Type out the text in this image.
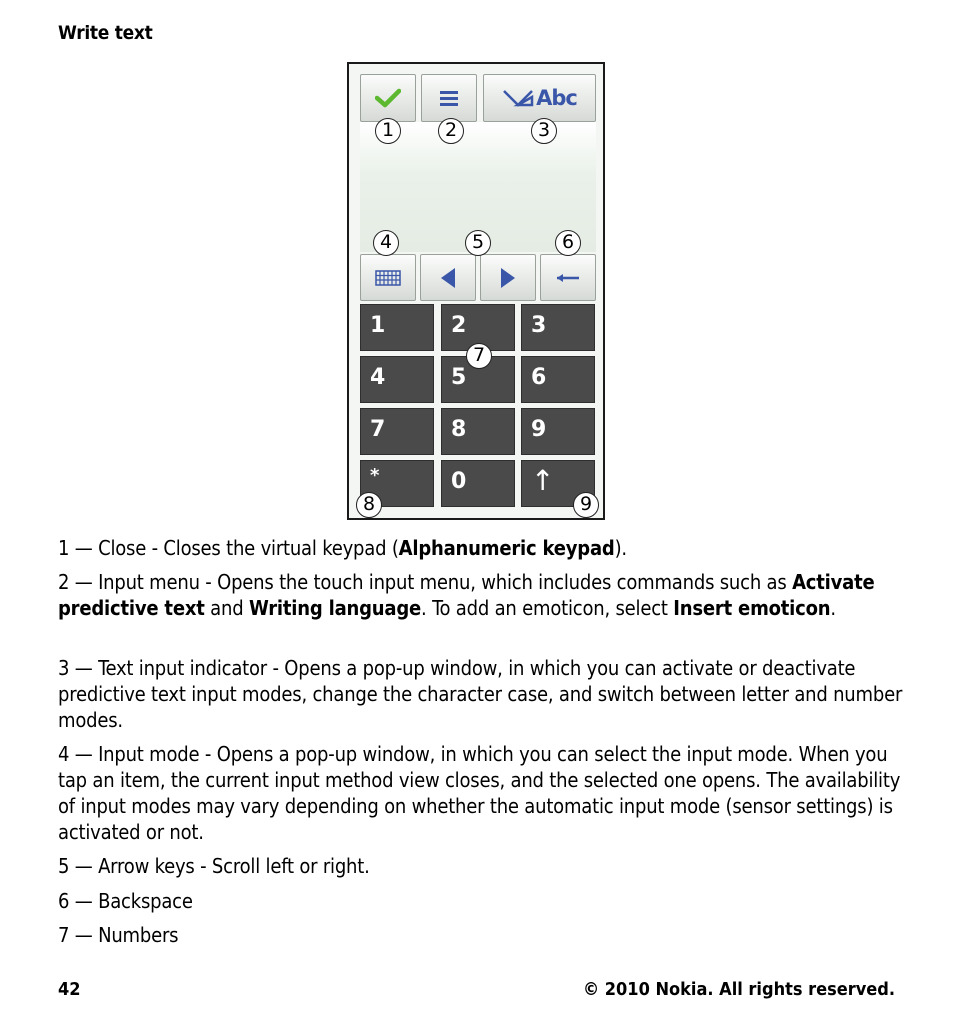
Write text
Abc
1	2	3
4	5	6
7	8	9
*	0	↑
1	2	3
4	5	6
7
8	9
1 — Close - Closes the virtual keypad (Alphanumeric keypad).
2 — Input menu - Opens the touch input menu, which includes commands such as Activate predictive text and Writing language. To add an emoticon, select Insert emoticon.
3 — Text input indicator - Opens a pop-up window, in which you can activate or deactivate predictive text input modes, change the character case, and switch between letter and number modes.
4 — Input mode - Opens a pop-up window, in which you can select the input mode. When you tap an item, the current input method view closes, and the selected one opens. The availability of input modes may vary depending on whether the automatic input mode (sensor settings) is activated or not.
5 — Arrow keys - Scroll left or right.
6 — Backspace
7 — Numbers
42	© 2010 Nokia. All rights reserved.
